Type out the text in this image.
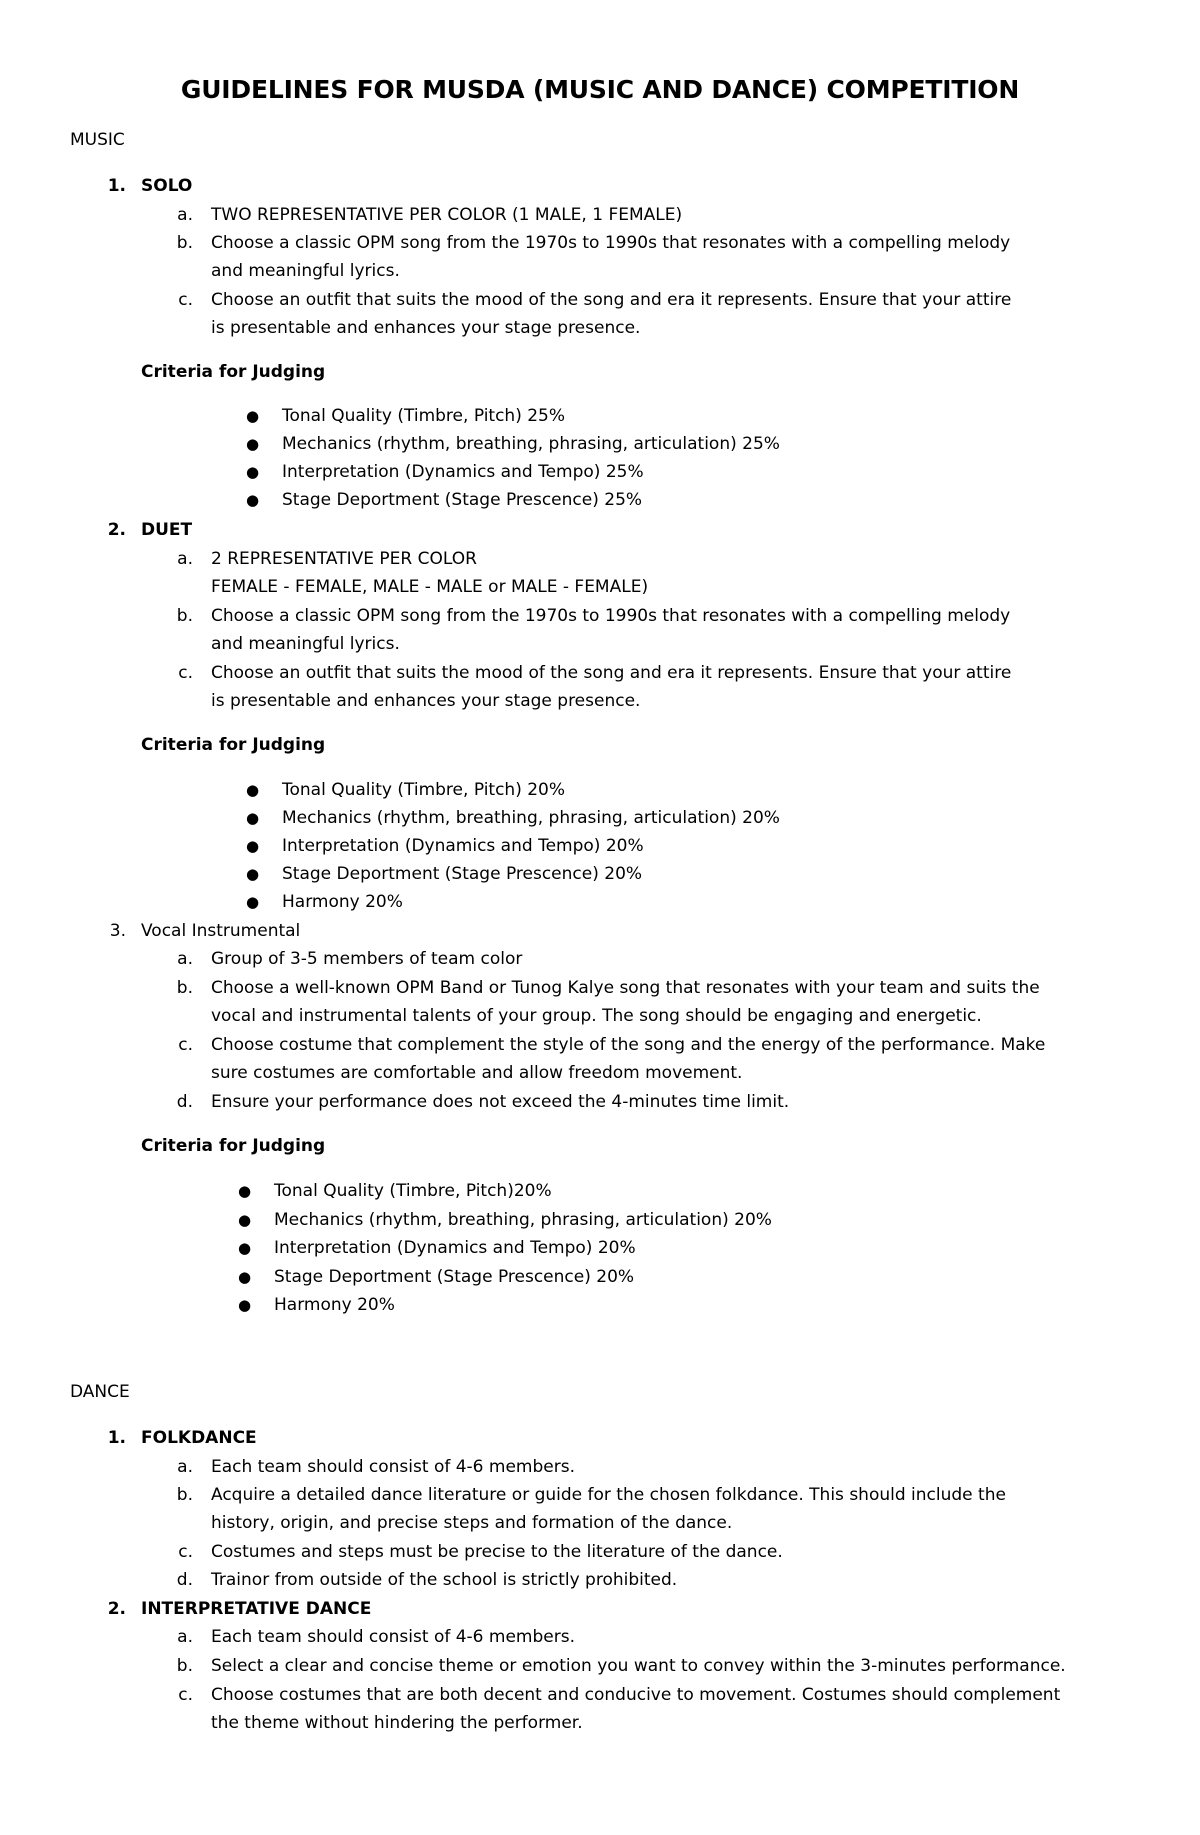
GUIDELINES FOR MUSDA (MUSIC AND DANCE) COMPETITION
MUSIC
1. SOLO
a. TWO REPRESENTATIVE PER COLOR (1 MALE, 1 FEMALE)
b. Choose a classic OPM song from the 1970s to 1990s that resonates with a compelling melody
and meaningful lyrics.
c. Choose an outfit that suits the mood of the song and era it represents. Ensure that your attire
is presentable and enhances your stage presence.
Criteria for Judging
● Tonal Quality (Timbre, Pitch) 25%
● Mechanics (rhythm, breathing, phrasing, articulation) 25%
● Interpretation (Dynamics and Tempo) 25%
● Stage Deportment (Stage Prescence) 25%
2. DUET
a. 2 REPRESENTATIVE PER COLOR
FEMALE - FEMALE, MALE - MALE or MALE - FEMALE)
b. Choose a classic OPM song from the 1970s to 1990s that resonates with a compelling melody
and meaningful lyrics.
c. Choose an outfit that suits the mood of the song and era it represents. Ensure that your attire
is presentable and enhances your stage presence.
Criteria for Judging
● Tonal Quality (Timbre, Pitch) 20%
● Mechanics (rhythm, breathing, phrasing, articulation) 20%
● Interpretation (Dynamics and Tempo) 20%
● Stage Deportment (Stage Prescence) 20%
● Harmony 20%
3. Vocal Instrumental
a. Group of 3-5 members of team color
b. Choose a well-known OPM Band or Tunog Kalye song that resonates with your team and suits the
vocal and instrumental talents of your group. The song should be engaging and energetic.
c. Choose costume that complement the style of the song and the energy of the performance. Make
sure costumes are comfortable and allow freedom movement.
d. Ensure your performance does not exceed the 4-minutes time limit.
Criteria for Judging
● Tonal Quality (Timbre, Pitch)20%
● Mechanics (rhythm, breathing, phrasing, articulation) 20%
● Interpretation (Dynamics and Tempo) 20%
● Stage Deportment (Stage Prescence) 20%
● Harmony 20%
DANCE
1. FOLKDANCE
a. Each team should consist of 4-6 members.
b. Acquire a detailed dance literature or guide for the chosen folkdance. This should include the
history, origin, and precise steps and formation of the dance.
c. Costumes and steps must be precise to the literature of the dance.
d. Trainor from outside of the school is strictly prohibited.
2. INTERPRETATIVE DANCE
a. Each team should consist of 4-6 members.
b. Select a clear and concise theme or emotion you want to convey within the 3-minutes performance.
c. Choose costumes that are both decent and conducive to movement. Costumes should complement
the theme without hindering the performer.
